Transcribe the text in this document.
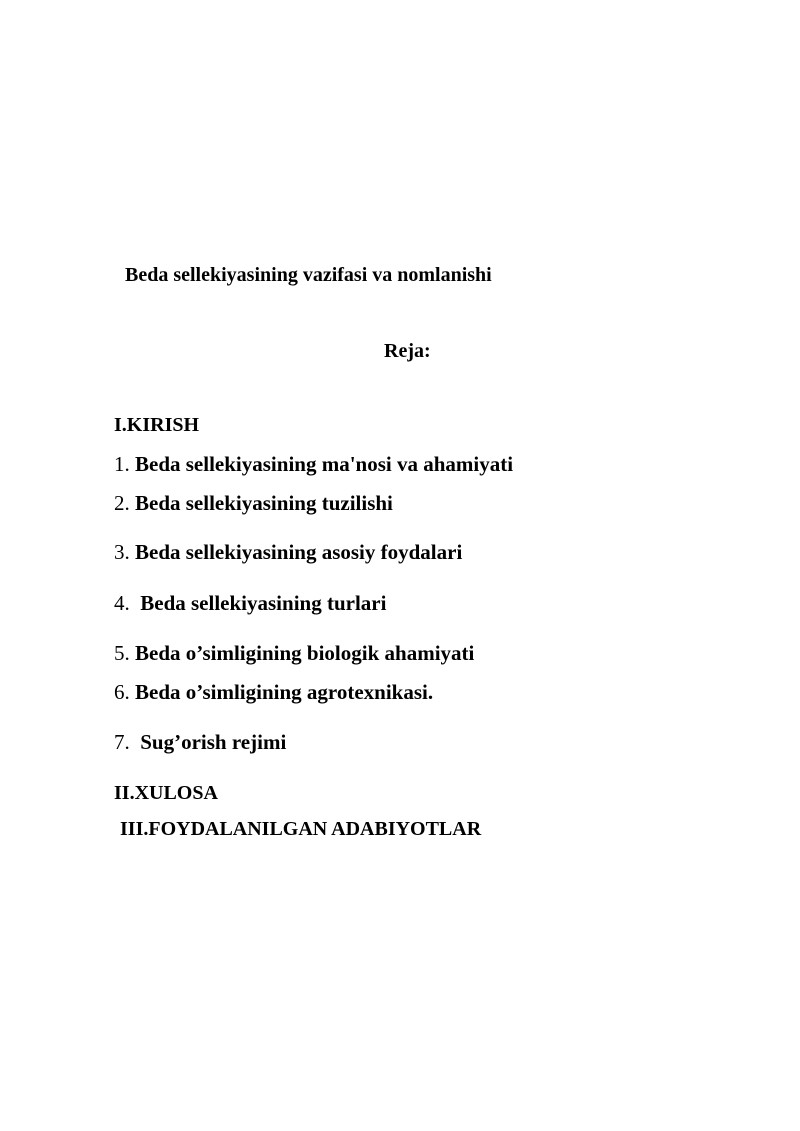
Beda sellekiyasining vazifasi va nomlanishi
Reja:
I.KIRISH
1. Beda sellekiyasining ma'nosi va ahamiyati
2. Beda sellekiyasining tuzilishi
3. Beda sellekiyasining asosiy foydalari
4.  Beda sellekiyasining turlari
5. Beda o’simligining biologik ahamiyati
6. Beda o’simligining agrotexnikasi.
7.  Sug’orish rejimi
II.XULOSA
III.FOYDALANILGAN ADABIYOTLAR
